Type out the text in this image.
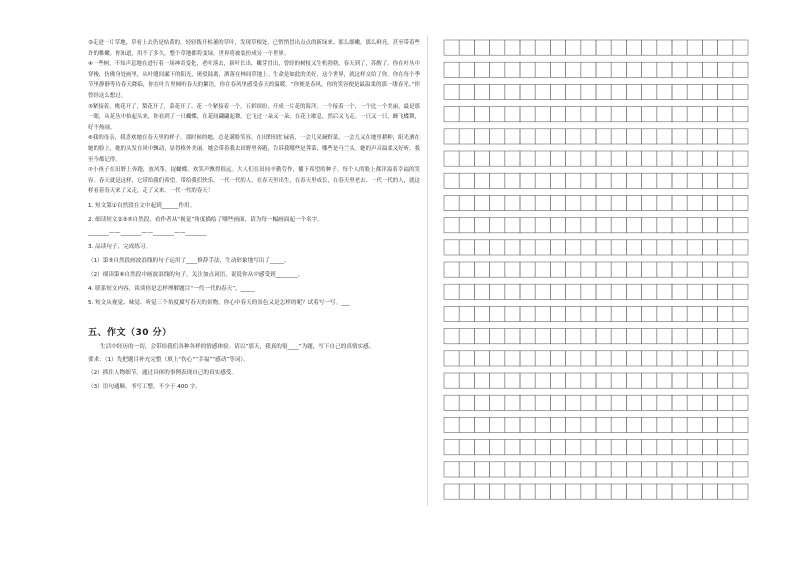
③走进一片草地，草看上去仍是枯黄的。轻轻拨开枯萎的草叶，发现草根处，已悄悄冒出点点的新绿来。那么细嫩，那么鲜亮，甚至带着些许的稚嫩。你知道，用不了多久，整个草地都将变绿，世界将被装扮成另一个世界。

④一些树，不知声息地在进行着一场神奇变化，老叶落去，新叶长出，嫩芽冒出，曾经的树枝又生机勃勃，春天到了，苏醒了。你在叶丛中穿梭，仿佛身处画里，从叶缝间漏下的阳光，斑驳陆离，洒落在林间草地上。生命是如此的美好，这个世界，就这样交给了你。你在每个季节里静静等待春天降临，你在叶片里倾听春天的絮语，你在春风里感受春天的温暖。“你便是春风，你的笑容便是最温柔的那一缕春光。”你曾经这么想过。

⑤紧接着，桃花开了，梨花开了，菜花开了。花一个紧接着一个，五彩缤纷，开成一片花的海洋。一个接着一个，一个比一个美丽。最是那一眼，从花丛中抬起头来，你看到了一只蝴蝶，在花间翩翩起舞。它飞过一朵又一朵，在花上歇息，然后又飞走。一只又一只，蜂飞蝶舞，好不热闹。

⑥我的母亲，我喜欢她在春天里的样子。那时候的她，总是满脸笑容，在田野间忙碌着，一会儿采摘野菜，一会儿又在地里耕种，阳光洒在她的脸上，她的头发在风中飘动，显得格外美丽。她会带着我去田野里奔跑，告诉我哪些是荠菜，哪些是马兰头。她的声音温柔又好听，我至今都记得。

⑦小孩子在田野上奔跑，放风筝，捉蝴蝶，欢笑声飘得很远。大人们在田间辛勤劳作，播下希望的种子。每个人的脸上都洋溢着幸福的笑容。春天就是这样，它带给我们希望，带给我们快乐。一代一代的人，在春天里出生，在春天里成长，在春天里老去。一代一代的人，就这样看着春天来了又走，走了又来。一代一代的春天！

1. 短文第①自然段在文中起到______作用。

2. 细读短文②③⑤自然段，看作者从“视觉”角度描绘了哪些画面，请为每一幅画面起一个名字。

_______——_______——_______——_______

3. 品读句子，完成练习。

（1）第⑤自然段画波浪线的句子运用了____修辞手法，生动形象地写出了_____。

（2）细读第⑥自然段中画波浪线的句子，关注加点词语，说说你从中感受到________。

4. 联系短文内容，谈谈你是怎样理解题目“一代一代的春天”。_____

5. 短文从视觉、味觉、听觉三个角度描写春天的景物，你心中春天的景色又是怎样的呢？试着写一写。___

五、作文（30 分）

生活中经历的一切，会带给我们各种各样的情感体验。请以“那天，我真的很____”为题，写下自己的真情实感。

要求：（1）先把题目补充完整（填上“伤心”“幸福”“感动”等词）。

（2）抓住人物细节，通过具体的事例表现自己的真实感受。

（3）语句通顺，书写工整。不少于 400 字。
